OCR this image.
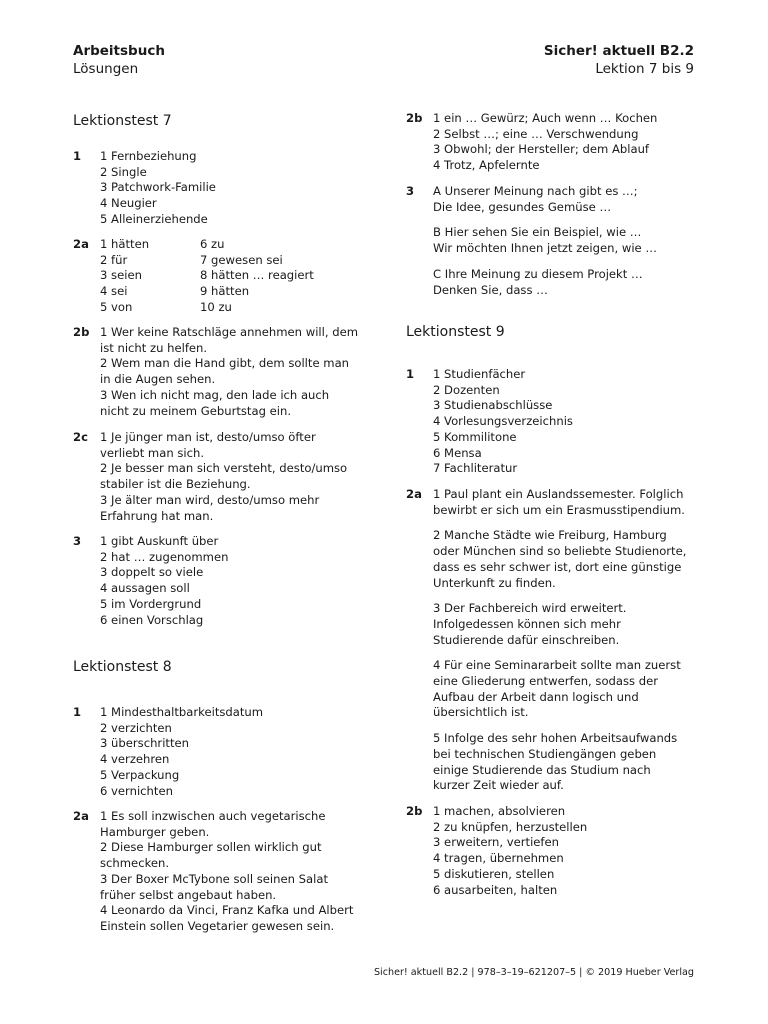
Arbeitsbuch
Lösungen
Sicher! aktuell B2.2
Lektion 7 bis 9
Lektionstest 7
1 1 Fernbeziehung
2 Single
3 Patchwork-Familie
4 Neugier
5 Alleinerziehende
2a 1 hätten
2 für
3 seien
4 sei
5 von
6 zu
7 gewesen sei
8 hätten … reagiert
9 hätten
10 zu
2b 1 Wer keine Ratschläge annehmen will, dem
ist nicht zu helfen.
2 Wem man die Hand gibt, dem sollte man
in die Augen sehen.
3 Wen ich nicht mag, den lade ich auch
nicht zu meinem Geburtstag ein.
2c 1 Je jünger man ist, desto/umso öfter
verliebt man sich.
2 Je besser man sich versteht, desto/umso
stabiler ist die Beziehung.
3 Je älter man wird, desto/umso mehr
Erfahrung hat man.
3 1 gibt Auskunft über
2 hat … zugenommen
3 doppelt so viele
4 aussagen soll
5 im Vordergrund
6 einen Vorschlag
Lektionstest 8
1 1 Mindesthaltbarkeitsdatum
2 verzichten
3 überschritten
4 verzehren
5 Verpackung
6 vernichten
2a 1 Es soll inzwischen auch vegetarische
Hamburger geben.
2 Diese Hamburger sollen wirklich gut
schmecken.
3 Der Boxer McTybone soll seinen Salat
früher selbst angebaut haben.
4 Leonardo da Vinci, Franz Kafka und Albert
Einstein sollen Vegetarier gewesen sein.
2b 1 ein … Gewürz; Auch wenn … Kochen
2 Selbst …; eine … Verschwendung
3 Obwohl; der Hersteller; dem Ablauf
4 Trotz, Apfelernte
3 A Unserer Meinung nach gibt es …;
Die Idee, gesundes Gemüse …
B Hier sehen Sie ein Beispiel, wie …
Wir möchten Ihnen jetzt zeigen, wie …
C Ihre Meinung zu diesem Projekt …
Denken Sie, dass …
Lektionstest 9
1 1 Studienfächer
2 Dozenten
3 Studienabschlüsse
4 Vorlesungsverzeichnis
5 Kommilitone
6 Mensa
7 Fachliteratur
2a 1 Paul plant ein Auslandssemester. Folglich
bewirbt er sich um ein Erasmusstipendium.
2 Manche Städte wie Freiburg, Hamburg
oder München sind so beliebte Studienorte,
dass es sehr schwer ist, dort eine günstige
Unterkunft zu finden.
3 Der Fachbereich wird erweitert.
Infolgedessen können sich mehr
Studierende dafür einschreiben.
4 Für eine Seminararbeit sollte man zuerst
eine Gliederung entwerfen, sodass der
Aufbau der Arbeit dann logisch und
übersichtlich ist.
5 Infolge des sehr hohen Arbeitsaufwands
bei technischen Studiengängen geben
einige Studierende das Studium nach
kurzer Zeit wieder auf.
2b 1 machen, absolvieren
2 zu knüpfen, herzustellen
3 erweitern, vertiefen
4 tragen, übernehmen
5 diskutieren, stellen
6 ausarbeiten, halten
Sicher! aktuell B2.2 | 978–3–19–621207–5 | © 2019 Hueber Verlag
